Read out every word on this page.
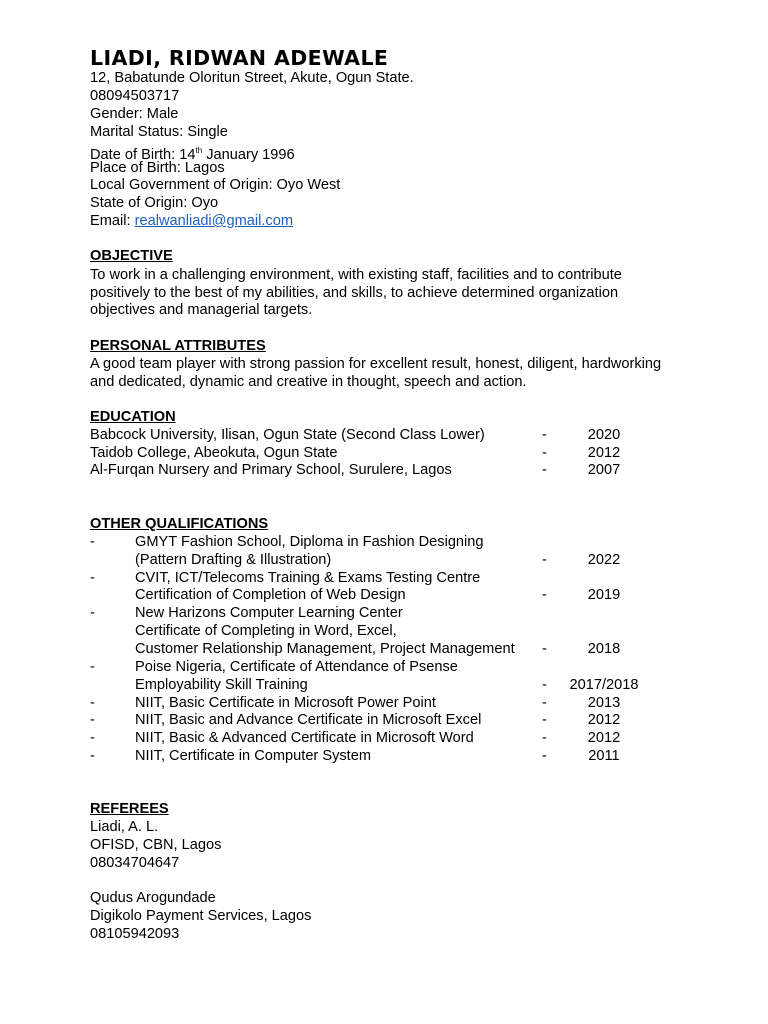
LIADI, RIDWAN ADEWALE
12, Babatunde Oloritun Street, Akute, Ogun State.
08094503717
Gender: Male
Marital Status: Single
Date of Birth: 14th January 1996
Place of Birth: Lagos
Local Government of Origin: Oyo West
State of Origin: Oyo
Email: realwanliadi@gmail.com
OBJECTIVE
To work in a challenging environment, with existing staff, facilities and to contribute
positively to the best of my abilities, and skills, to achieve determined organization
objectives and managerial targets.
PERSONAL ATTRIBUTES
A good team player with strong passion for excellent result, honest, diligent, hardworking
and dedicated, dynamic and creative in thought, speech and action.
EDUCATION
Babcock University, Ilisan, Ogun State (Second Class Lower)	-	2020
Taidob College, Abeokuta, Ogun State	-	2012
Al-Furqan Nursery and Primary School, Surulere, Lagos	-	2007
OTHER QUALIFICATIONS
-	GMYT Fashion School, Diploma in Fashion Designing
(Pattern Drafting & Illustration)	-	2022
-	CVIT, ICT/Telecoms Training & Exams Testing Centre
Certification of Completion of Web Design	-	2019
-	New Harizons Computer Learning Center
Certificate of Completing in Word, Excel,
Customer Relationship Management, Project Management -	2018
-	Poise Nigeria, Certificate of Attendance of Psense
Employability Skill Training	-	2017/2018
-	NIIT, Basic Certificate in Microsoft Power Point	-	2013
-	NIIT, Basic and Advance Certificate in Microsoft Excel	-	2012
-	NIIT, Basic & Advanced Certificate in Microsoft Word	-	2012
-	NIIT, Certificate in Computer System	-	2011
REFEREES
Liadi, A. L.
OFISD, CBN, Lagos
08034704647
Qudus Arogundade
Digikolo Payment Services, Lagos
08105942093
